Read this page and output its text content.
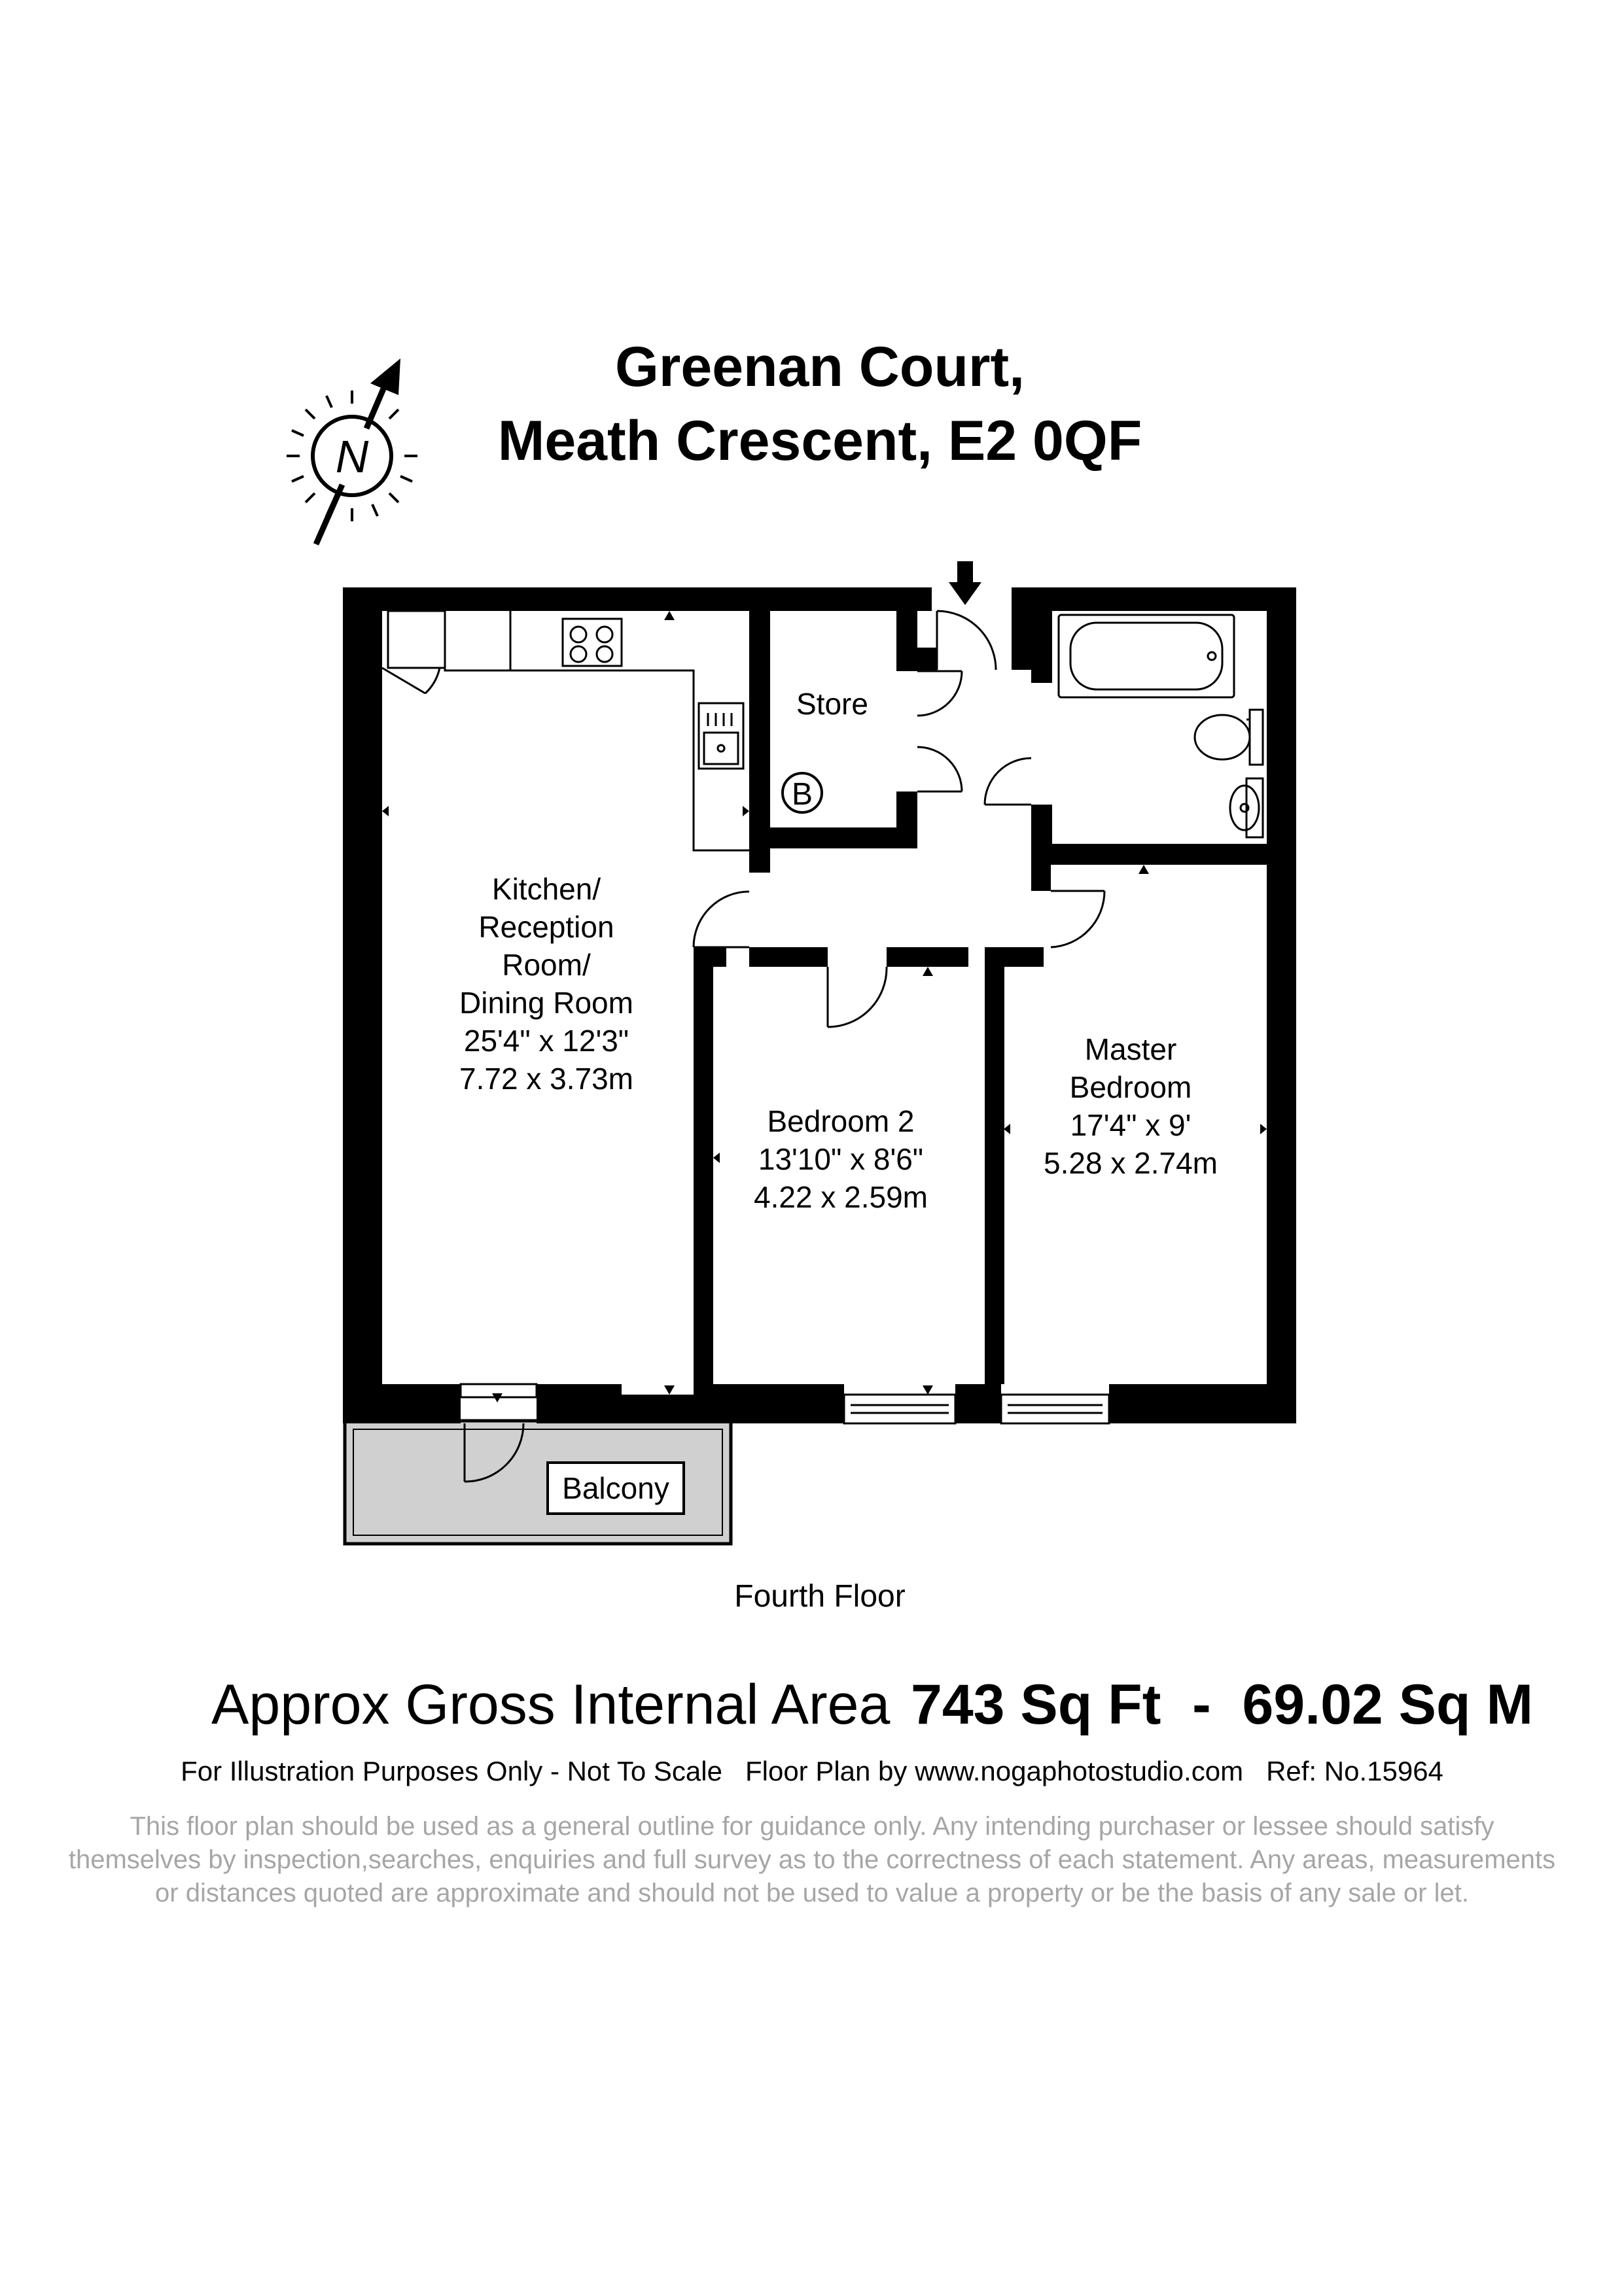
Greenan Court,
Meath Crescent, E2 0QF
N
Balcony
B
Kitchen/
Reception
Room/
Dining Room
25'4" x 12'3"
7.72 x 3.73m
Store
Bedroom 2
13'10" x 8'6"
4.22 x 2.59m
Master
Bedroom
17'4" x 9'
5.28 x 2.74m
Fourth Floor
Approx Gross Internal Area 743 Sq Ft  -  69.02 Sq M
For Illustration Purposes Only - Not To Scale   Floor Plan by www.nogaphotostudio.com   Ref: No.15964
This floor plan should be used as a general outline for guidance only. Any intending purchaser or lessee should satisfy
themselves by inspection,searches, enquiries and full survey as to the correctness of each statement. Any areas, measurements
or distances quoted are approximate and should not be used to value a property or be the basis of any sale or let.
